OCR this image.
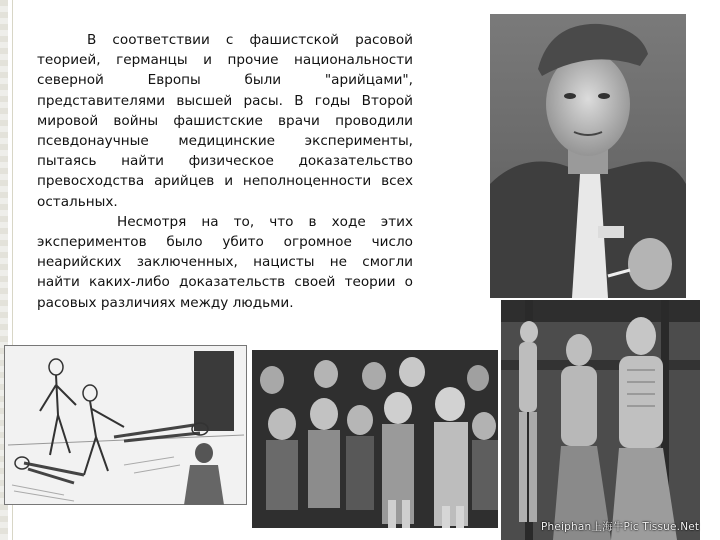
В соответствии с фашистской расовой теорией, германцы и прочие национальности северной Европы были "арийцами", представителями высшей расы. В годы Второй мировой войны фашистские врачи проводили псевдонаучные медицинские эксперименты, пытаясь найти физическое доказательство превосходства арийцев и неполноценности всех остальных.

Несмотря на то, что в ходе этих экспериментов было убито огромное число неарийских заключенных, нацисты не смогли найти каких-либо доказательств своей теории о расовых различиях между людьми.

Pheiphan上海牛Pic Tissue.Net
